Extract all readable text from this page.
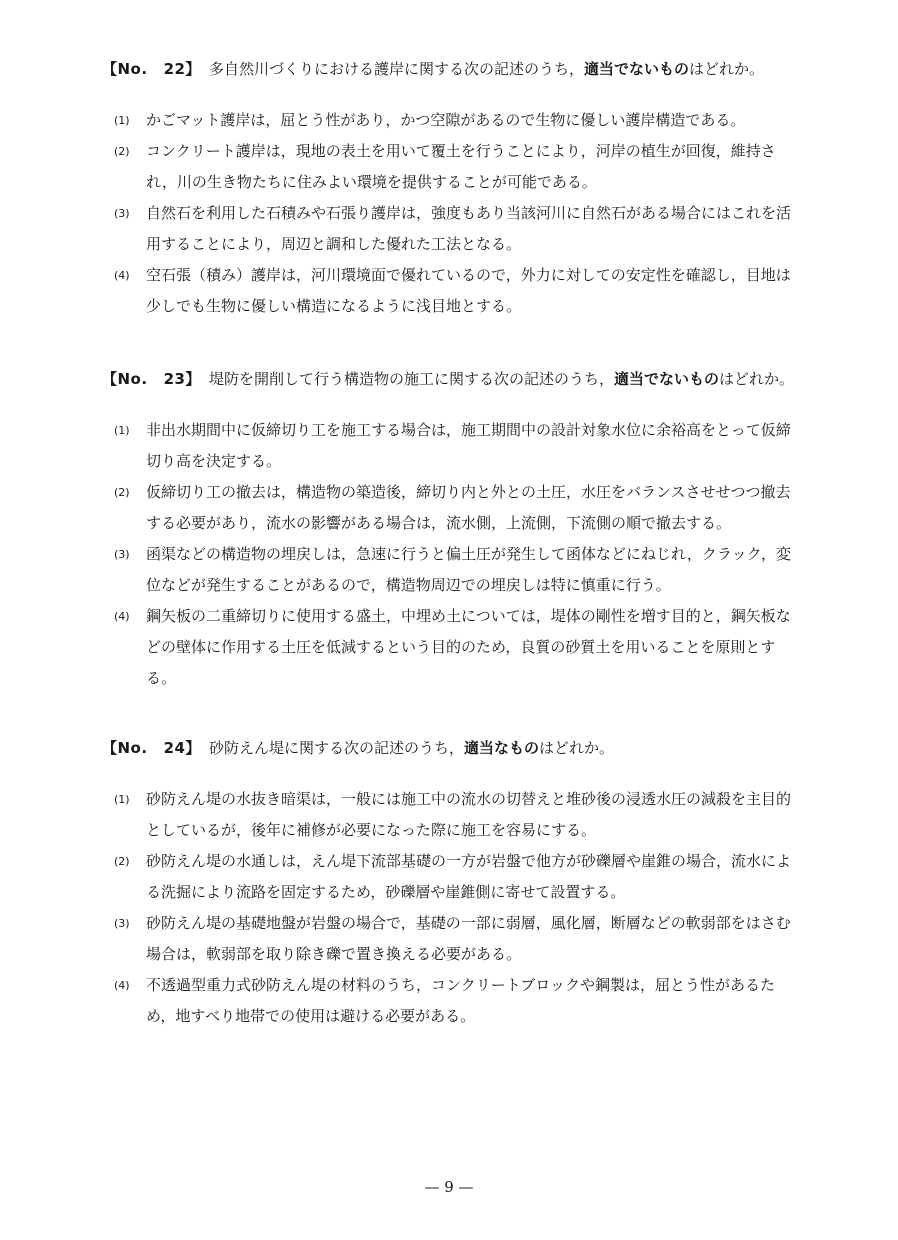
【No. 22】 多自然川づくりにおける護岸に関する次の記述のうち，適当でないものはどれか。
(1) かごマット護岸は，屈とう性があり，かつ空隙があるので生物に優しい護岸構造である。
(2) コンクリート護岸は，現地の表土を用いて覆土を行うことにより，河岸の植生が回復，維持され，川の生き物たちに住みよい環境を提供することが可能である。
(3) 自然石を利用した石積みや石張り護岸は，強度もあり当該河川に自然石がある場合にはこれを活用することにより，周辺と調和した優れた工法となる。
(4) 空石張（積み）護岸は，河川環境面で優れているので，外力に対しての安定性を確認し，目地は少しでも生物に優しい構造になるように浅目地とする。
【No. 23】 堤防を開削して行う構造物の施工に関する次の記述のうち，適当でないものはどれか。
(1) 非出水期間中に仮締切り工を施工する場合は，施工期間中の設計対象水位に余裕高をとって仮締切り高を決定する。
(2) 仮締切り工の撤去は，構造物の築造後，締切り内と外との土圧，水圧をバランスさせせつつ撤去する必要があり，流水の影響がある場合は，流水側，上流側，下流側の順で撤去する。
(3) 函渠などの構造物の埋戻しは，急速に行うと偏土圧が発生して函体などにねじれ，クラック，変位などが発生することがあるので，構造物周辺での埋戻しは特に慎重に行う。
(4) 鋼矢板の二重締切りに使用する盛土，中埋め土については，堤体の剛性を増す目的と，鋼矢板などの壁体に作用する土圧を低減するという目的のため，良質の砂質土を用いることを原則とする。
【No. 24】 砂防えん堤に関する次の記述のうち，適当なものはどれか。
(1) 砂防えん堤の水抜き暗渠は，一般には施工中の流水の切替えと堆砂後の浸透水圧の減殺を主目的としているが，後年に補修が必要になった際に施工を容易にする。
(2) 砂防えん堤の水通しは，えん堤下流部基礎の一方が岩盤で他方が砂礫層や崖錐の場合，流水による洗掘により流路を固定するため，砂礫層や崖錐側に寄せて設置する。
(3) 砂防えん堤の基礎地盤が岩盤の場合で，基礎の一部に弱層，風化層，断層などの軟弱部をはさむ場合は，軟弱部を取り除き礫で置き換える必要がある。
(4) 不透過型重力式砂防えん堤の材料のうち，コンクリートブロックや鋼製は，屈とう性があるため，地すべり地帯での使用は避ける必要がある。
— 9 —
